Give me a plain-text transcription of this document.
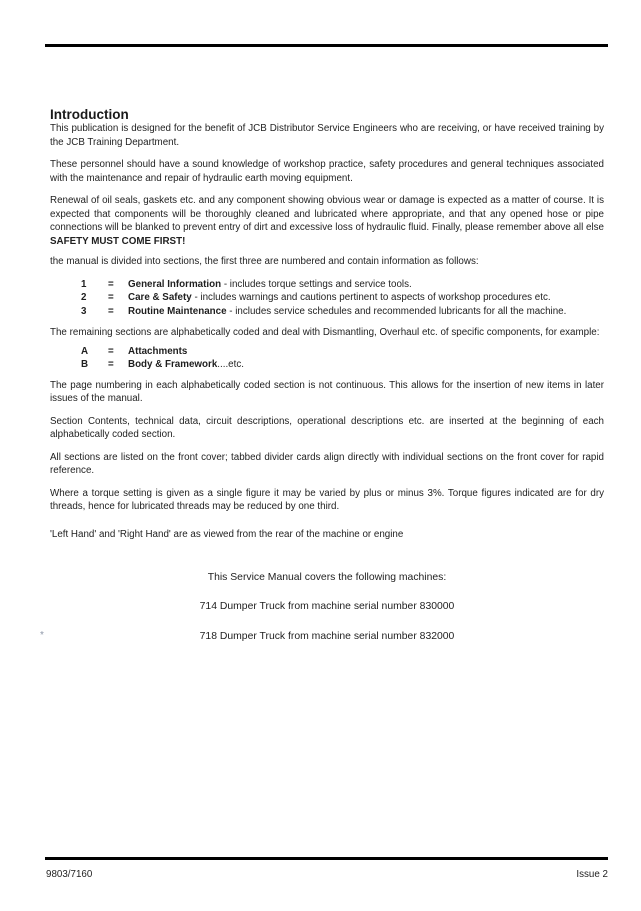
Introduction

This publication is designed for the benefit of JCB Distributor Service Engineers who are receiving, or have received training by the JCB Training Department.

These personnel should have a sound knowledge of workshop practice, safety procedures and general techniques associated with the maintenance and repair of hydraulic earth moving equipment.

Renewal of oil seals, gaskets etc. and any component showing obvious wear or damage is expected as a matter of course. It is expected that components will be thoroughly cleaned and lubricated where appropriate, and that any opened hose or pipe connections will be blanked to prevent entry of dirt and excessive loss of hydraulic fluid. Finally, please remember above all else SAFETY MUST COME FIRST!

the manual is divided into sections, the first three are numbered and contain information as follows:

1	=	General Information - includes torque settings and service tools.
2	=	Care & Safety - includes warnings and cautions pertinent to aspects of workshop procedures etc.
3	=	Routine Maintenance - includes service schedules and recommended lubricants for all the machine.

The remaining sections are alphabetically coded and deal with Dismantling, Overhaul etc. of specific components, for example:

A	=	Attachments
B	=	Body & Framework....etc.

The page numbering in each alphabetically coded section is not continuous. This allows for the insertion of new items in later issues of the manual.

Section Contents, technical data, circuit descriptions, operational descriptions etc. are inserted at the beginning of each alphabetically coded section.

All sections are listed on the front cover; tabbed divider cards align directly with individual sections on the front cover for rapid reference.

Where a torque setting is given as a single figure it may be varied by plus or minus 3%. Torque figures indicated are for dry threads, hence for lubricated threads may be reduced by one third.

'Left Hand' and 'Right Hand' are as viewed from the rear of the machine or engine

This Service Manual covers the following machines:

714 Dumper Truck from machine serial number 830000

718 Dumper Truck from machine serial number 832000

*
9803/7160	Issue 2
